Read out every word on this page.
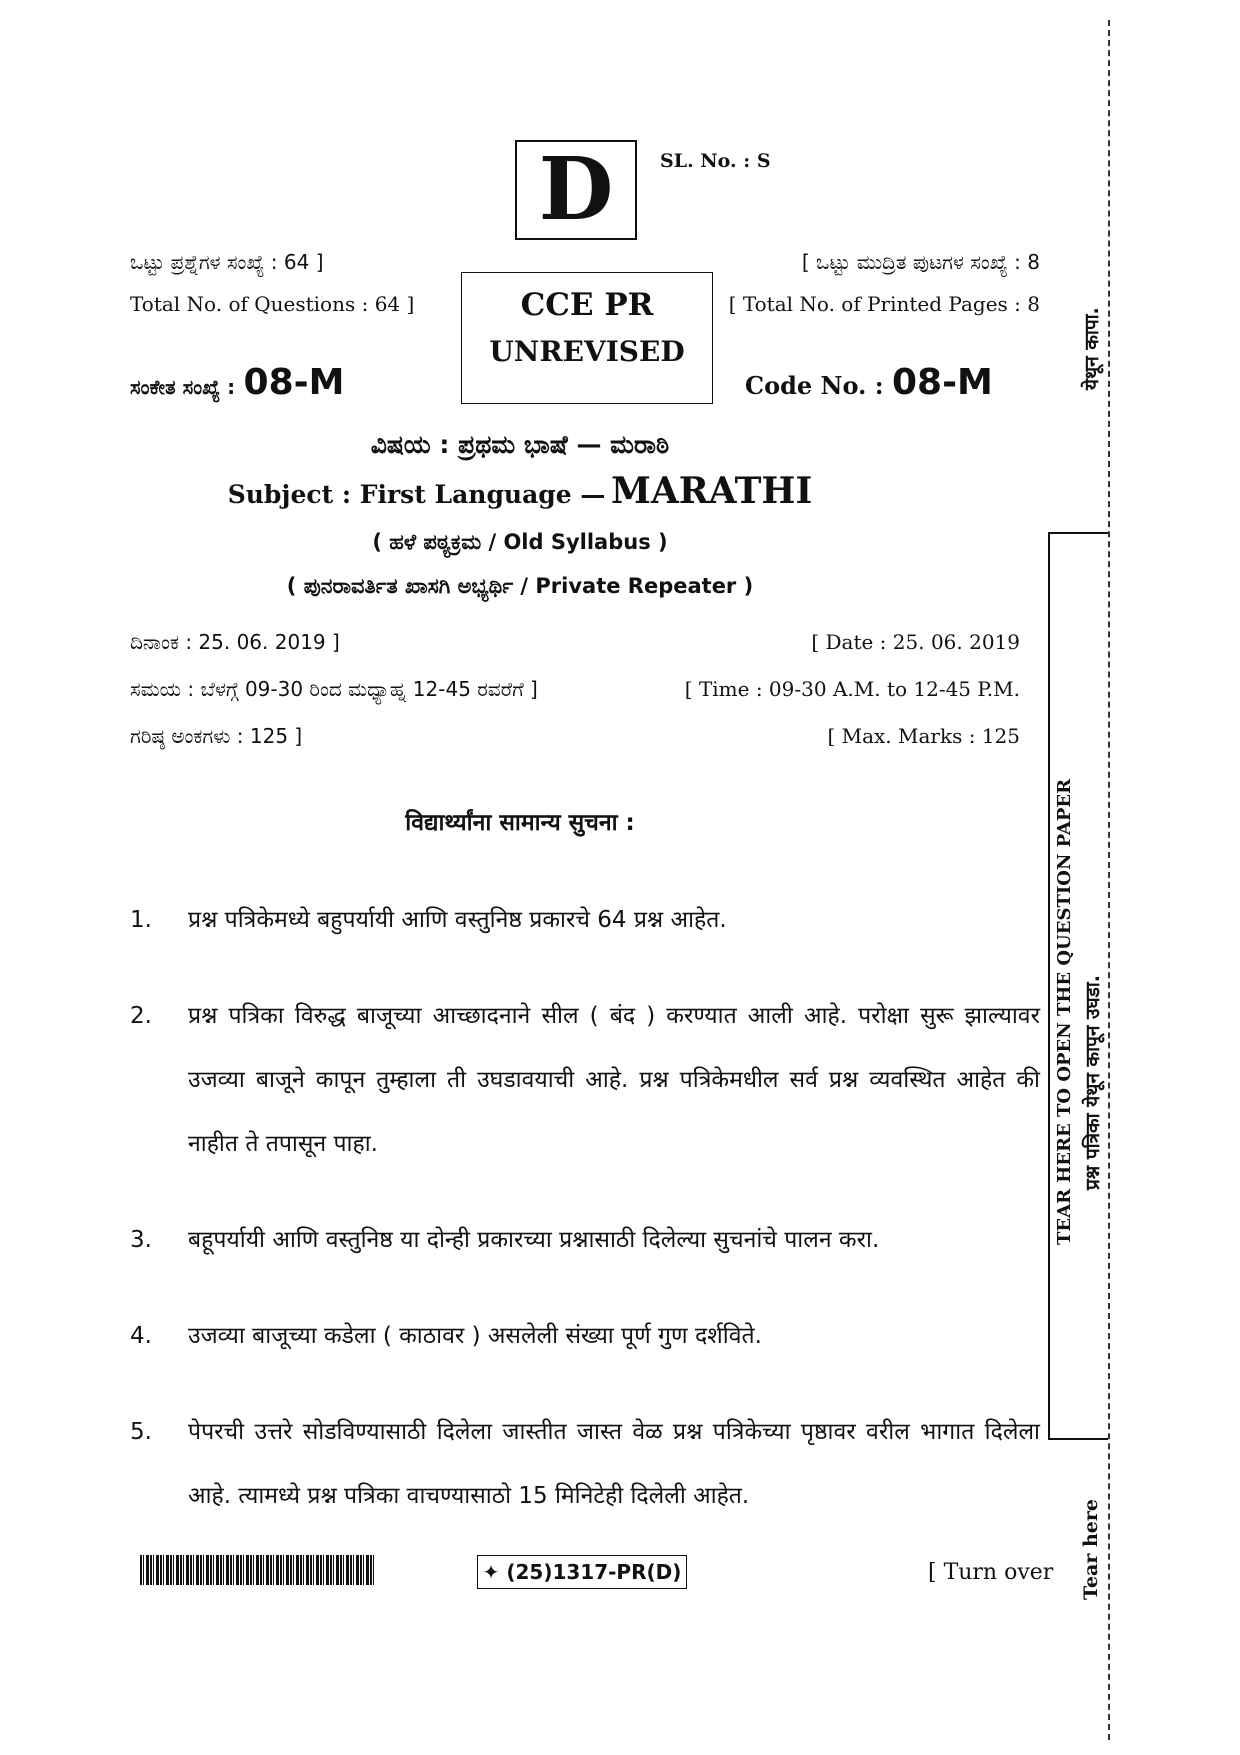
D	SL. No. : S
ಒಟ್ಟು ಪ್ರಶ್ನೆಗಳ ಸಂಖ್ಯೆ : 64 ]
Total No. of Questions : 64 ]
[ ಒಟ್ಟು ಮುದ್ರಿತ ಪುಟಗಳ ಸಂಖ್ಯೆ : 8
[ Total No. of Printed Pages : 8
CCE PR
UNREVISED
ಸಂಕೇತ ಸಂಖ್ಯೆ : 08-M	Code No. : 08-M
ವಿಷಯ : ಪ್ರಥಮ ಭಾಷೆ — ಮರಾಠಿ
Subject : First Language — MARATHI
( ಹಳೆ ಪಠ್ಯಕ್ರಮ / Old Syllabus )
( ಪುನರಾವರ್ತಿತ ಖಾಸಗಿ ಅಭ್ಯರ್ಥಿ / Private Repeater )
ದಿನಾಂಕ : 25. 06. 2019 ]	[ Date : 25. 06. 2019
ಸಮಯ : ಬೆಳಗ್ಗೆ 09-30 ರಿಂದ ಮಧ್ಯಾಹ್ನ 12-45 ರವರೆಗೆ ]	[ Time : 09-30 A.M. to 12-45 P.M.
ಗರಿಷ್ಠ ಅಂಕಗಳು : 125 ]	[ Max. Marks : 125
विद्यार्थ्यांना सामान्य सुचना :
1. प्रश्न पत्रिकेमध्ये बहुपर्यायी आणि वस्तुनिष्ठ प्रकारचे 64 प्रश्न आहेत.
2. प्रश्न पत्रिका विरुद्ध बाजूच्या आच्छादनाने सील ( बंद ) करण्यात आली आहे. परोक्षा सुरू झाल्यावर उजव्या बाजूने कापून तुम्हाला ती उघडावयाची आहे. प्रश्न पत्रिकेमधील सर्व प्रश्न व्यवस्थित आहेत की नाहीत ते तपासून पाहा.
3. बहूपर्यायी आणि वस्तुनिष्ठ या दोन्ही प्रकारच्या प्रश्नासाठी दिलेल्या सुचनांचे पालन करा.
4. उजव्या बाजूच्या कडेला ( काठावर ) असलेली संख्या पूर्ण गुण दर्शविते.
5. पेपरची उत्तरे सोडविण्यासाठी दिलेला जास्तीत जास्त वेळ प्रश्न पत्रिकेच्या पृष्ठावर वरील भागात दिलेला आहे. त्यामध्ये प्रश्न पत्रिका वाचण्यासाठो 15 मिनिटेही दिलेली आहेत.
✦ (25)1317-PR(D)	[ Turn over
येथून कापा.
TEAR HERE TO OPEN THE QUESTION PAPER प्रश्न पत्रिका येथून कापून उघडा.
Tear here
